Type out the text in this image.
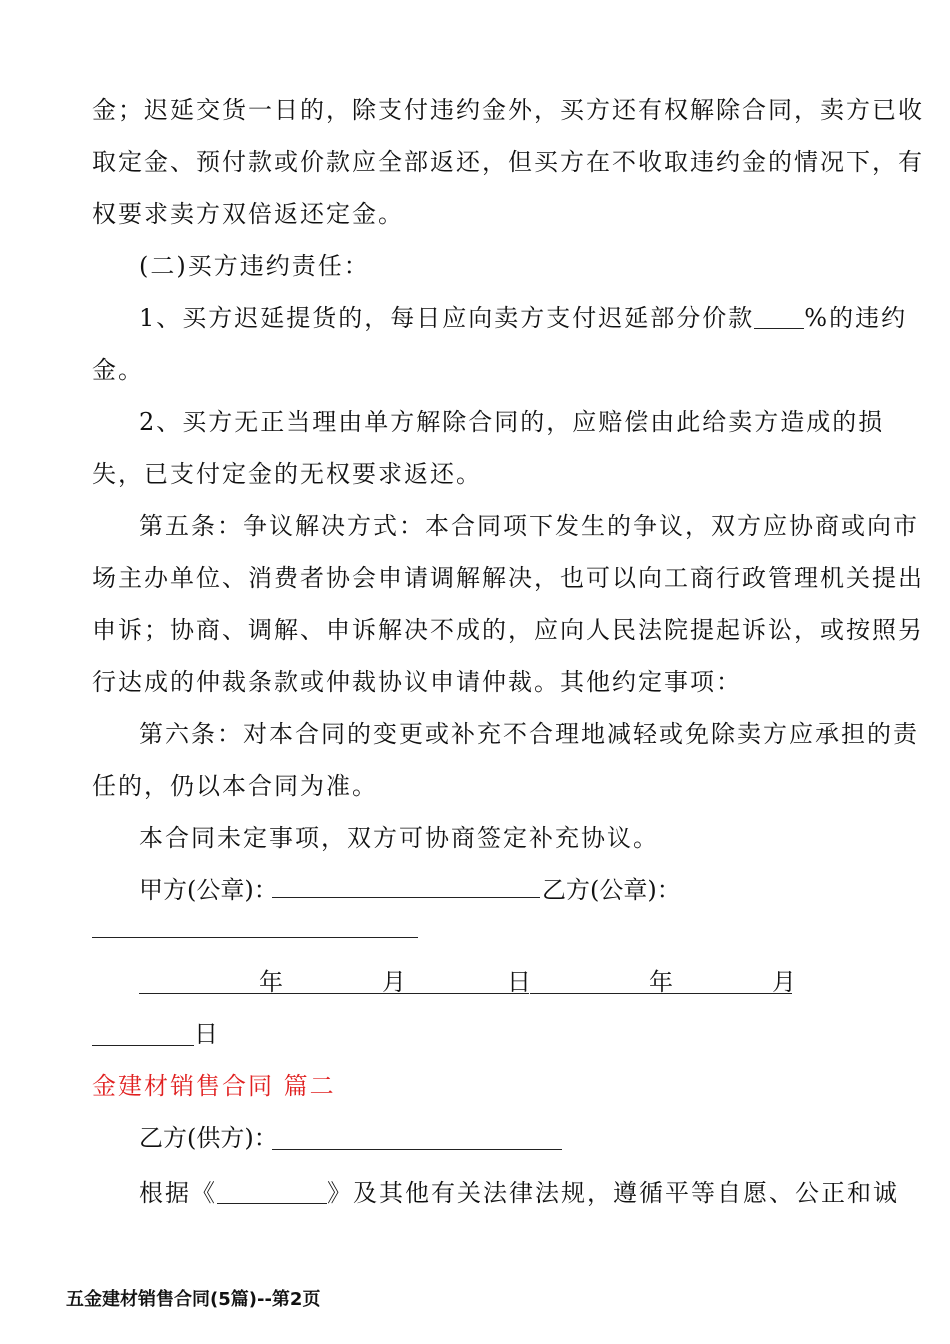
金；迟延交货一日的，除支付违约金外，买方还有权解除合同，卖方已收
取定金、预付款或价款应全部返还，但买方在不收取违约金的情况下，有
权要求卖方双倍返还定金。
(二)买方违约责任：
1、买方迟延提货的，每日应向卖方支付迟延部分价款 %的违约
金。
2、买方无正当理由单方解除合同的，应赔偿由此给卖方造成的损
失，已支付定金的无权要求返还。
第五条：争议解决方式：本合同项下发生的争议，双方应协商或向市
场主办单位、消费者协会申请调解解决，也可以向工商行政管理机关提出
申诉；协商、调解、申诉解决不成的，应向人民法院提起诉讼，或按照另
行达成的仲裁条款或仲裁协议申请仲裁。其他约定事项：
第六条：对本合同的变更或补充不合理地减轻或免除卖方应承担的责
任的，仍以本合同为准。
本合同未定事项，双方可协商签定补充协议。
甲方(公章)：	乙方(公章)：
年	月	日	年	月
日
金建材销售合同 篇二
乙方(供方)：
根据《	》及其他有关法律法规，遵循平等自愿、公正和诚
五金建材销售合同(5篇)--第2页
